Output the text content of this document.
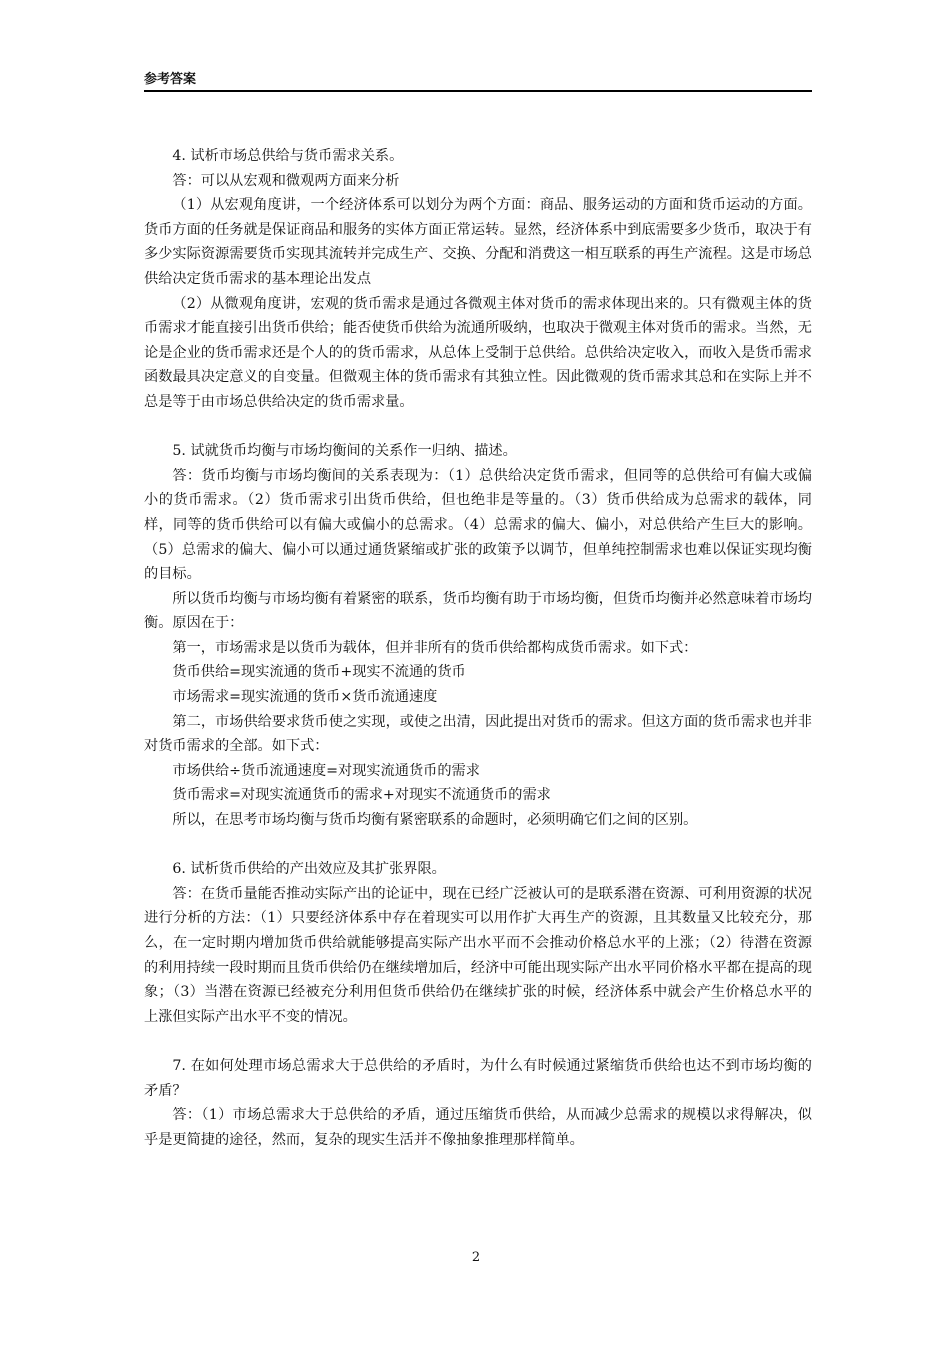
参考答案

4. 试析市场总供给与货币需求关系。

答：可以从宏观和微观两方面来分析

（1）从宏观角度讲，一个经济体系可以划分为两个方面：商品、服务运动的方面和货币运动的方面。货币方面的任务就是保证商品和服务的实体方面正常运转。显然，经济体系中到底需要多少货币，取决于有多少实际资源需要货币实现其流转并完成生产、交换、分配和消费这一相互联系的再生产流程。这是市场总供给决定货币需求的基本理论出发点

（2）从微观角度讲，宏观的货币需求是通过各微观主体对货币的需求体现出来的。只有微观主体的货币需求才能直接引出货币供给；能否使货币供给为流通所吸纳，也取决于微观主体对货币的需求。当然，无论是企业的货币需求还是个人的的货币需求，从总体上受制于总供给。总供给决定收入，而收入是货币需求函数最具决定意义的自变量。但微观主体的货币需求有其独立性。因此微观的货币需求其总和在实际上并不总是等于由市场总供给决定的货币需求量。

5. 试就货币均衡与市场均衡间的关系作一归纳、描述。

答：货币均衡与市场均衡间的关系表现为：（1）总供给决定货币需求，但同等的总供给可有偏大或偏小的货币需求。（2）货币需求引出货币供给，但也绝非是等量的。（3）货币供给成为总需求的载体，同样，同等的货币供给可以有偏大或偏小的总需求。（4）总需求的偏大、偏小，对总供给产生巨大的影响。（5）总需求的偏大、偏小可以通过通货紧缩或扩张的政策予以调节，但单纯控制需求也难以保证实现均衡的目标。

所以货币均衡与市场均衡有着紧密的联系，货币均衡有助于市场均衡，但货币均衡并必然意味着市场均衡。原因在于：

第一，市场需求是以货币为载体，但并非所有的货币供给都构成货币需求。如下式：

货币供给=现实流通的货币+现实不流通的货币

市场需求=现实流通的货币×货币流通速度

第二，市场供给要求货币使之实现，或使之出清，因此提出对货币的需求。但这方面的货币需求也并非对货币需求的全部。如下式：

市场供给÷货币流通速度=对现实流通货币的需求

货币需求=对现实流通货币的需求+对现实不流通货币的需求

所以，在思考市场均衡与货币均衡有紧密联系的命题时，必须明确它们之间的区别。

6. 试析货币供给的产出效应及其扩张界限。

答：在货币量能否推动实际产出的论证中，现在已经广泛被认可的是联系潜在资源、可利用资源的状况进行分析的方法：（1）只要经济体系中存在着现实可以用作扩大再生产的资源，且其数量又比较充分，那么，在一定时期内增加货币供给就能够提高实际产出水平而不会推动价格总水平的上涨；（2）待潜在资源的利用持续一段时期而且货币供给仍在继续增加后，经济中可能出现实际产出水平同价格水平都在提高的现象；（3）当潜在资源已经被充分利用但货币供给仍在继续扩张的时候，经济体系中就会产生价格总水平的上涨但实际产出水平不变的情况。

7. 在如何处理市场总需求大于总供给的矛盾时，为什么有时候通过紧缩货币供给也达不到市场均衡的矛盾？

答：（1）市场总需求大于总供给的矛盾，通过压缩货币供给，从而减少总需求的规模以求得解决，似乎是更简捷的途径，然而，复杂的现实生活并不像抽象推理那样简单。

2
